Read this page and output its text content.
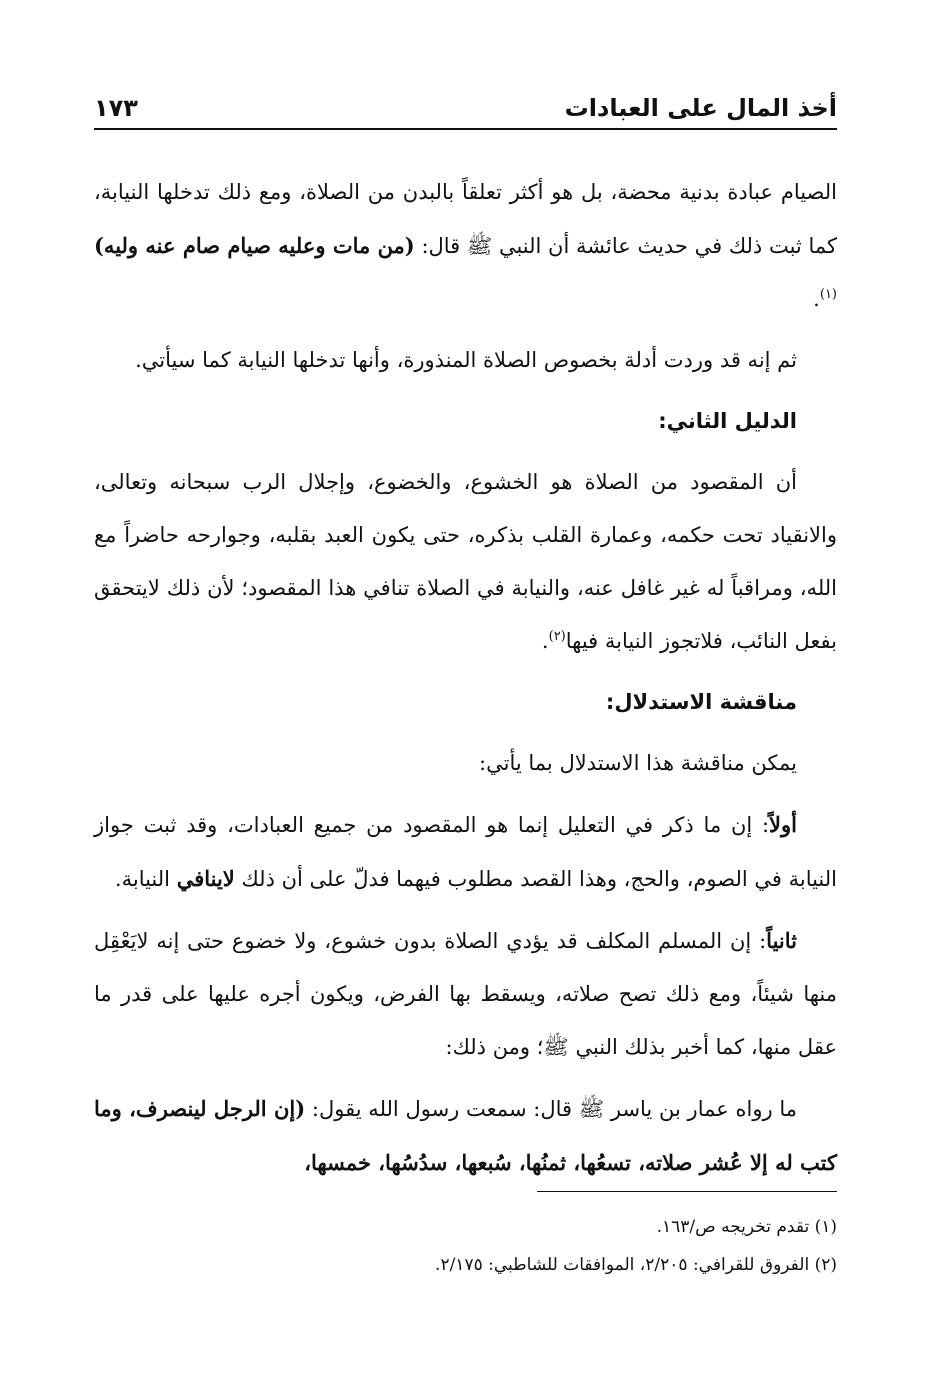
أخذ المال على العبادات
١٧٣

الصيام عبادة بدنية محضة، بل هو أكثر تعلقاً بالبدن من الصلاة، ومع ذلك تدخلها النيابة، كما ثبت ذلك في حديث عائشة أن النبي ﷺ قال: (من مات وعليه صيام صام عنه وليه)$^{(١)}$.

ثم إنه قد وردت أدلة بخصوص الصلاة المنذورة، وأنها تدخلها النيابة كما سيأتي.

الدليل الثاني:

أن المقصود من الصلاة هو الخشوع، والخضوع، وإجلال الرب سبحانه وتعالى، والانقياد تحت حكمه، وعمارة القلب بذكره، حتى يكون العبد بقلبه، وجوارحه حاضراً مع الله، ومراقباً له غير غافل عنه، والنيابة في الصلاة تنافي هذا المقصود؛ لأن ذلك لايتحقق بفعل النائب، فلاتجوز النيابة فيها$^{(٢)}$.

مناقشة الاستدلال:

يمكن مناقشة هذا الاستدلال بما يأتي:

أولاً: إن ما ذكر في التعليل إنما هو المقصود من جميع العبادات، وقد ثبت جواز النيابة في الصوم، والحج، وهذا القصد مطلوب فيهما فدلّ على أن ذلك لاينافي النيابة.

ثانياً: إن المسلم المكلف قد يؤدي الصلاة بدون خشوع، ولا خضوع حتى إنه لايَعْقِل منها شيئاً، ومع ذلك تصح صلاته، ويسقط بها الفرض، ويكون أجره عليها على قدر ما عقل منها، كما أخبر بذلك النبي ﷺ؛ ومن ذلك:

ما رواه عمار بن ياسر ﷺ قال: سمعت رسول الله يقول: (إن الرجل لينصرف، وما كتب له إلا عُشر صلاته، تسعُها، ثمنُها، سُبعها، سدُسُها، خمسها،

(١) تقدم تخريجه ص/١٦٣.

(٢) الفروق للقرافي: ٢/٢٠٥، الموافقات للشاطبي: ٢/١٧٥.
